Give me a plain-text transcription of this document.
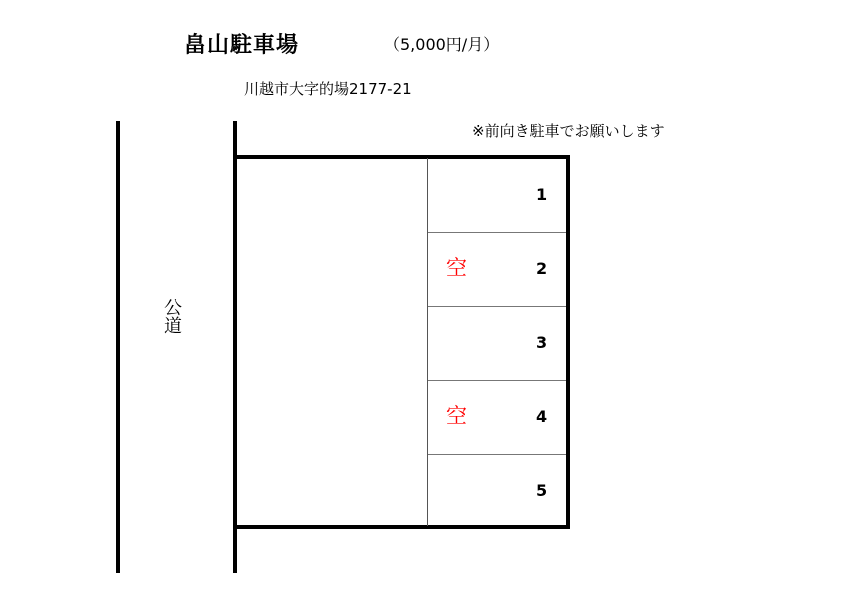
畠山駐車場	（5,000円/月）
川越市大字的場2177-21
※前向き駐車でお願いします
公道
1
空	2
3
空	4
5
